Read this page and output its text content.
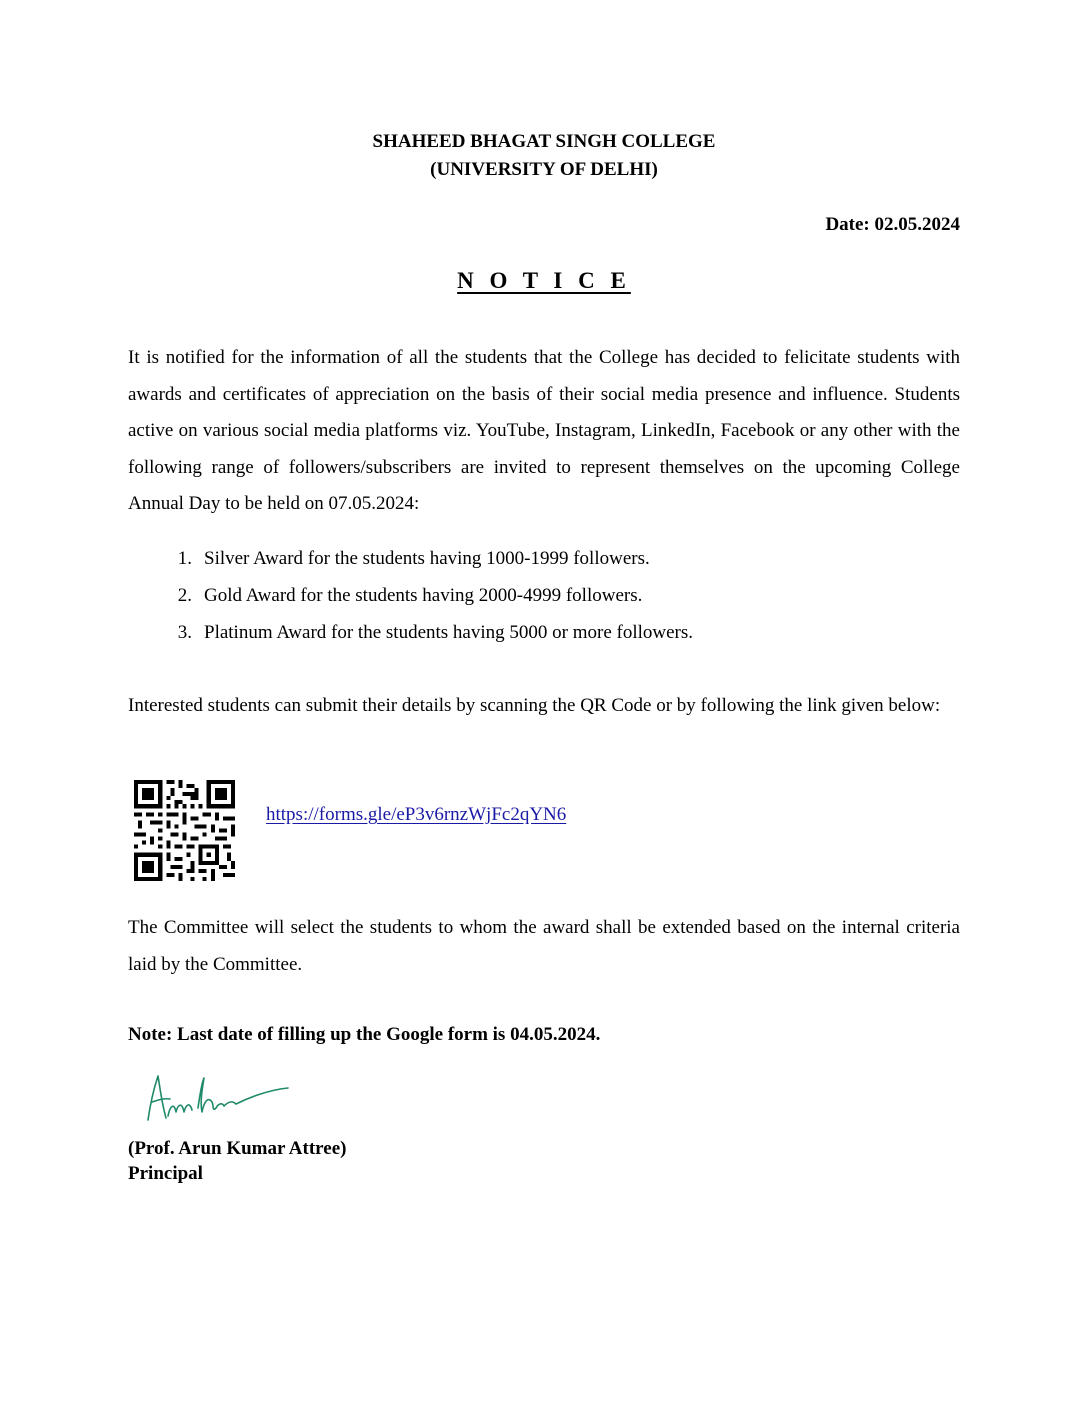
SHAHEED BHAGAT SINGH COLLEGE
(UNIVERSITY OF DELHI)
Date: 02.05.2024
N O T I C E
It is notified for the information of all the students that the College has decided to felicitate students with awards and certificates of appreciation on the basis of their social media presence and influence. Students active on various social media platforms viz. YouTube, Instagram, LinkedIn, Facebook or any other with the following range of followers/subscribers are invited to represent themselves on the upcoming College Annual Day to be held on 07.05.2024:
1. Silver Award for the students having 1000-1999 followers.
2. Gold Award for the students having 2000-4999 followers.
3. Platinum Award for the students having 5000 or more followers.
Interested students can submit their details by scanning the QR Code or by following the link given below:
https://forms.gle/eP3v6rnzWjFc2qYN6
The Committee will select the students to whom the award shall be extended based on the internal criteria laid by the Committee.
Note: Last date of filling up the Google form is 04.05.2024.
(Prof. Arun Kumar Attree)
Principal
